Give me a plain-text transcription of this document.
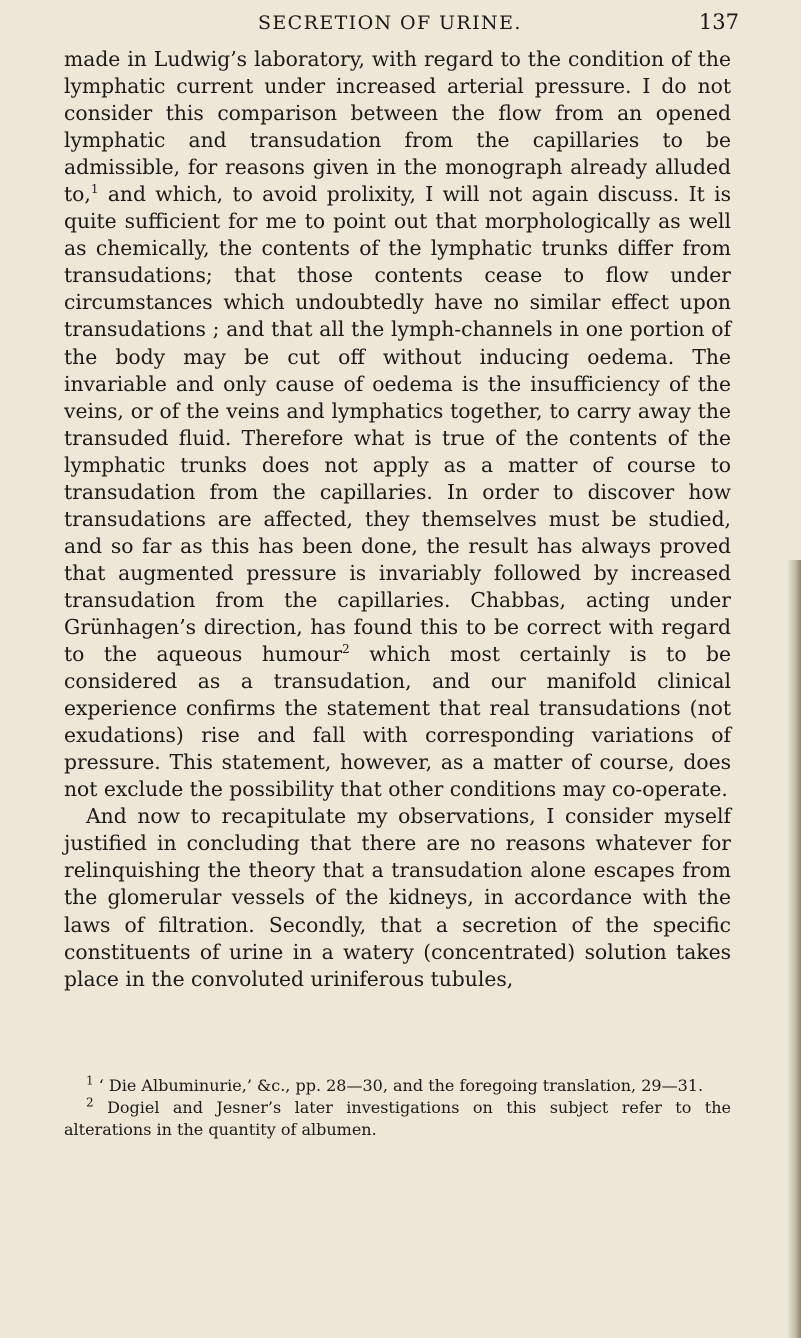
SECRETION OF URINE.	137

made in Ludwig’s laboratory, with regard to the condition of the lymphatic current under increased arterial pressure. I do not consider this comparison between the flow from an opened lymphatic and transudation from the capillaries to be admissible, for reasons given in the monograph already alluded to,$^1$ and which, to avoid prolixity, I will not again discuss. It is quite sufficient for me to point out that morphologically as well as chemically, the contents of the lymphatic trunks differ from transudations; that those contents cease to flow under circumstances which undoubtedly have no similar effect upon transudations ; and that all the lymph-channels in one portion of the body may be cut off without inducing oedema. The invariable and only cause of oedema is the insufficiency of the veins, or of the veins and lymphatics together, to carry away the transuded fluid. Therefore what is true of the contents of the lymphatic trunks does not apply as a matter of course to transudation from the capillaries. In order to discover how transudations are affected, they themselves must be studied, and so far as this has been done, the result has always proved that augmented pressure is invariably followed by increased transudation from the capillaries. Chabbas, acting under Grünhagen’s direction, has found this to be correct with regard to the aqueous humour$^2$ which most certainly is to be considered as a transudation, and our manifold clinical experience confirms the statement that real transudations (not exudations) rise and fall with corresponding variations of pressure. This statement, however, as a matter of course, does not exclude the possibility that other conditions may co-operate.

And now to recapitulate my observations, I consider myself justified in concluding that there are no reasons whatever for relinquishing the theory that a transudation alone escapes from the glomerular vessels of the kidneys, in accordance with the laws of filtration. Secondly, that a secretion of the specific constituents of urine in a watery (concentrated) solution takes place in the convoluted uriniferous tubules,

$^1$ ‘ Die Albuminurie,’ &c., pp. 28—30, and the foregoing translation, 29—31.

$^2$ Dogiel and Jesner’s later investigations on this subject refer to the alterations in the quantity of albumen.
